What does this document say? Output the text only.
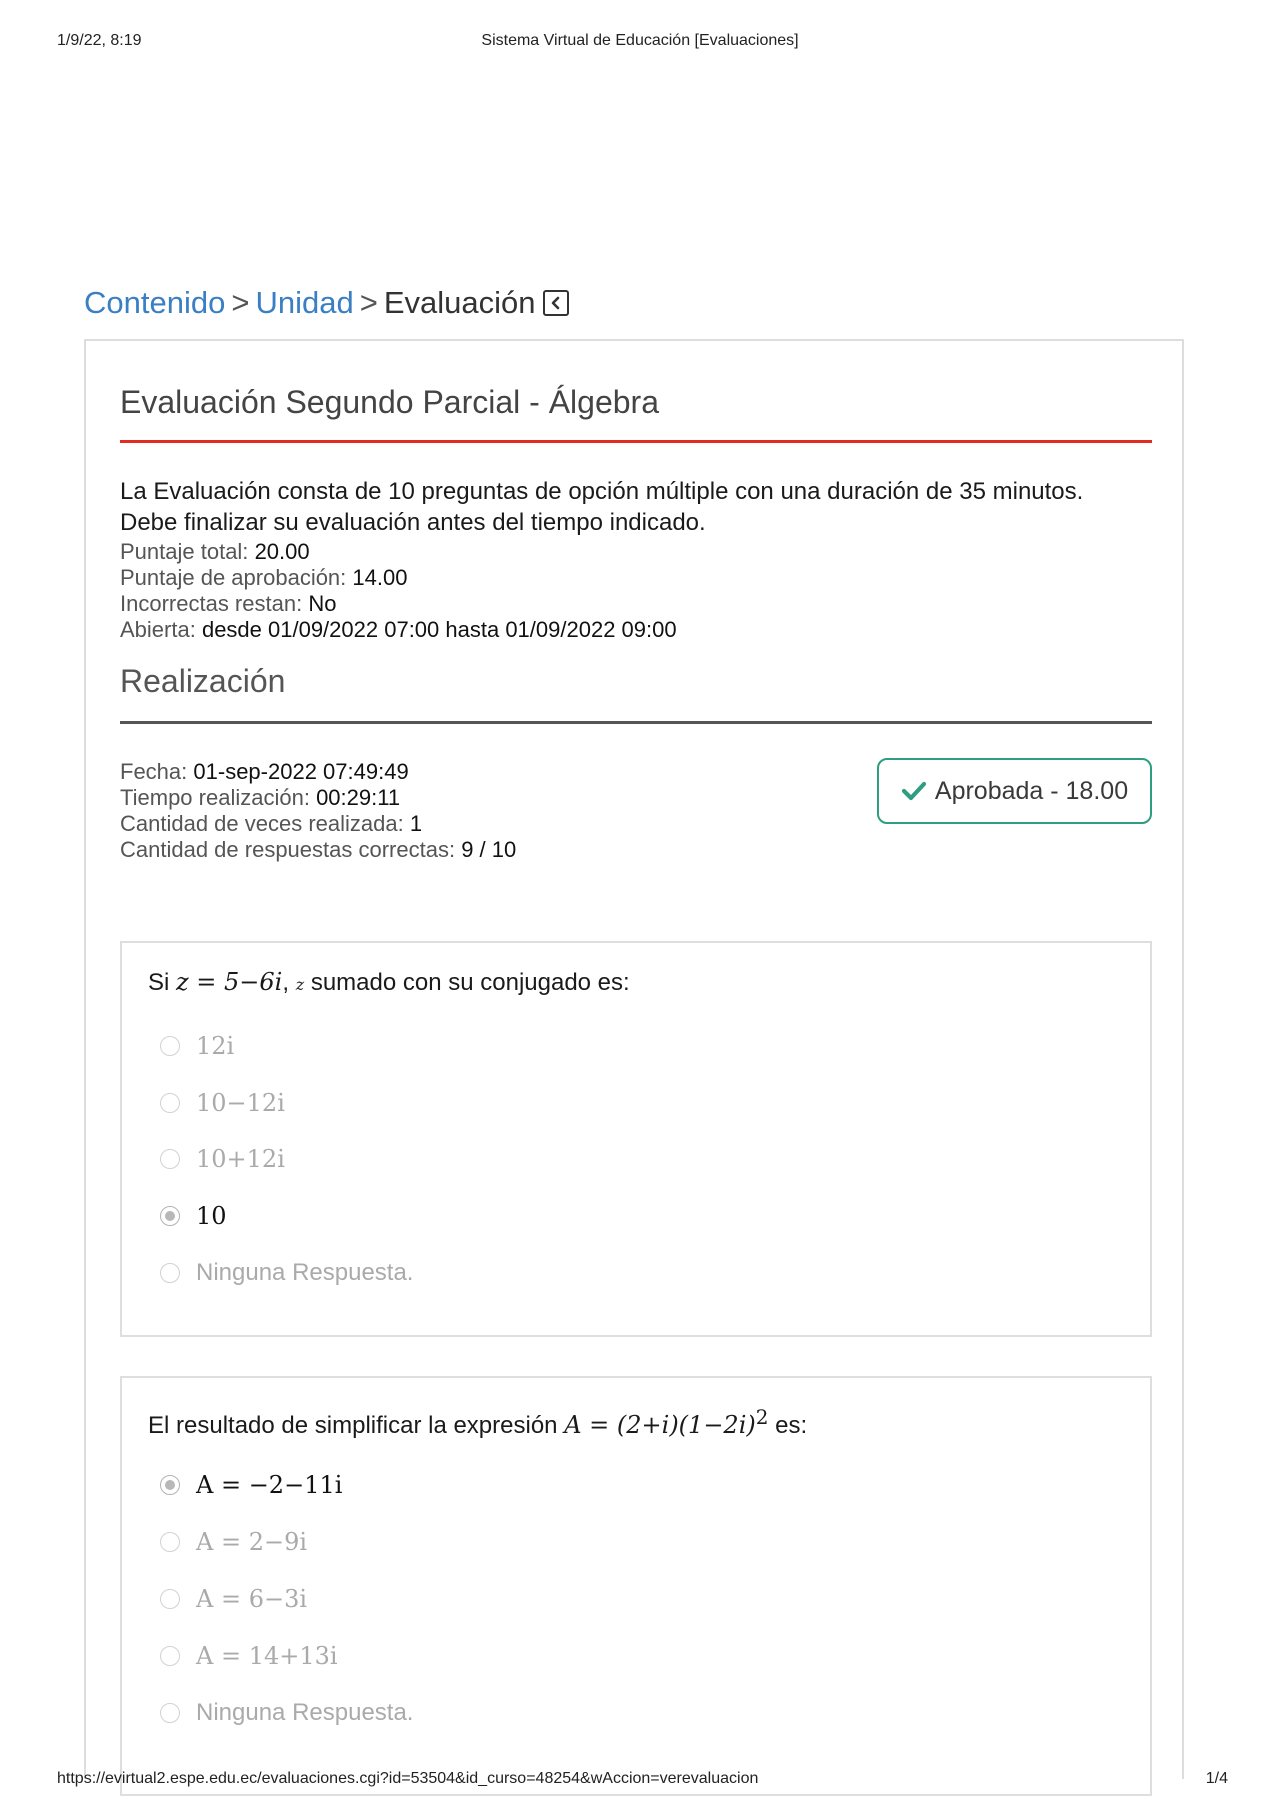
1/9/22, 8:19	Sistema Virtual de Educación [Evaluaciones]
Contenido > Unidad > Evaluación
Evaluación Segundo Parcial - Álgebra
La Evaluación consta de 10 preguntas de opción múltiple con una duración de 35 minutos. Debe finalizar su evaluación antes del tiempo indicado.
Puntaje total: 20.00
Puntaje de aprobación: 14.00
Incorrectas restan: No
Abierta: desde 01/09/2022 07:00 hasta 01/09/2022 09:00
Realización
Fecha: 01-sep-2022 07:49:49
Tiempo realización: 00:29:11
Cantidad de veces realizada: 1
Cantidad de respuestas correctas: 9 / 10
Aprobada - 18.00
Si z = 5−6i, z sumado con su conjugado es:
12i
10−12i
10+12i
10
Ninguna Respuesta.
El resultado de simplificar la expresión $A = (2+i)(1-2i)^2$ es:
A = −2−11i
A = 2−9i
A = 6−3i
A = 14+13i
Ninguna Respuesta.
https://evirtual2.espe.edu.ec/evaluaciones.cgi?id=53504&id_curso=48254&wAccion=verevaluacion	1/4
